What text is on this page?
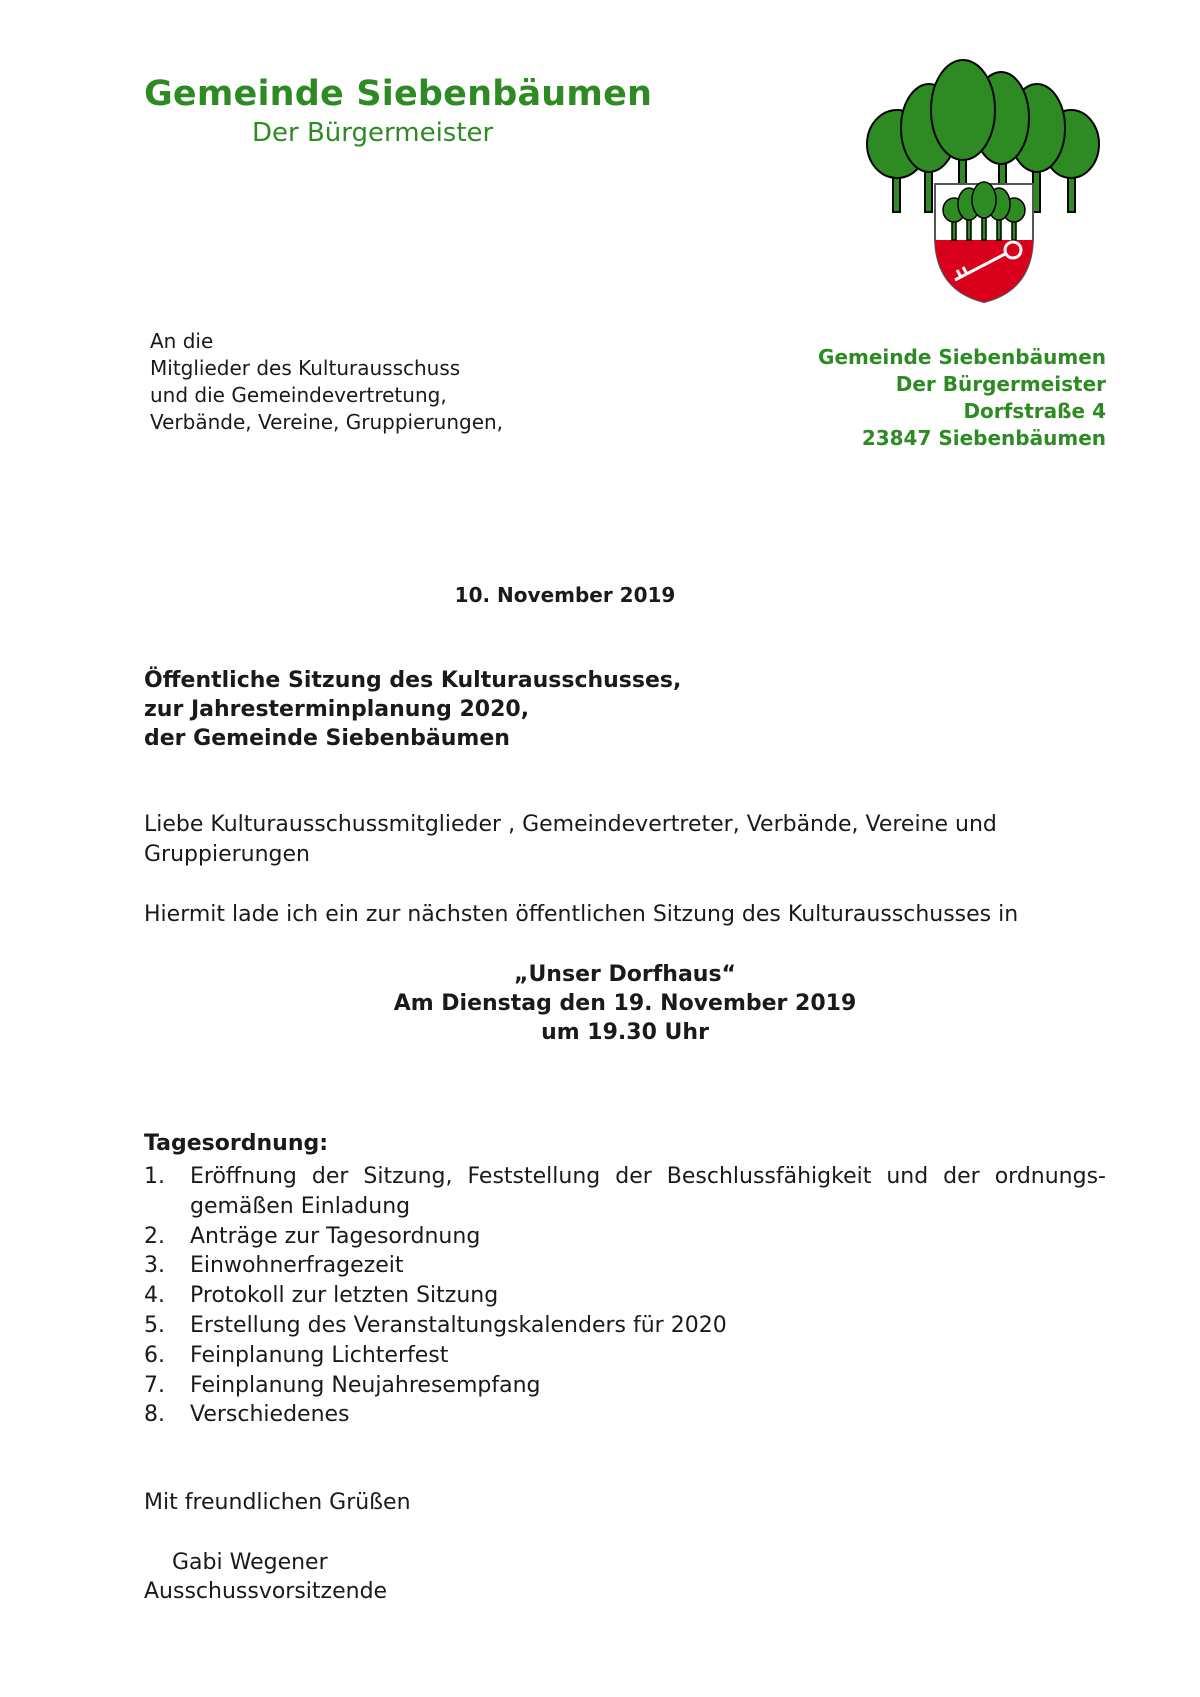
Gemeinde Siebenbäumen
Der Bürgermeister
An die
Mitglieder des Kulturausschuss
und die Gemeindevertretung,
Verbände, Vereine, Gruppierungen,
Gemeinde Siebenbäumen
Der Bürgermeister
Dorfstraße 4
23847 Siebenbäumen
10. November 2019
Öffentliche Sitzung des Kulturausschusses,
zur Jahresterminplanung 2020,
der Gemeinde Siebenbäumen
Liebe Kulturausschussmitglieder , Gemeindevertreter, Verbände, Vereine und Gruppierungen
Hiermit lade ich ein zur nächsten öffentlichen Sitzung des Kulturausschusses in
„Unser Dorfhaus“
Am Dienstag den 19. November 2019
um 19.30 Uhr
Tagesordnung:
1.	Eröffnung der Sitzung, Feststellung der Beschlussfähigkeit und der ordnungs-gemäßen Einladung
2.	Anträge zur Tagesordnung
3.	Einwohnerfragezeit
4.	Protokoll zur letzten Sitzung
5.	Erstellung des Veranstaltungskalenders für 2020
6.	Feinplanung Lichterfest
7.	Feinplanung Neujahresempfang
8.	Verschiedenes
Mit freundlichen Grüßen
Gabi Wegener
Ausschussvorsitzende
